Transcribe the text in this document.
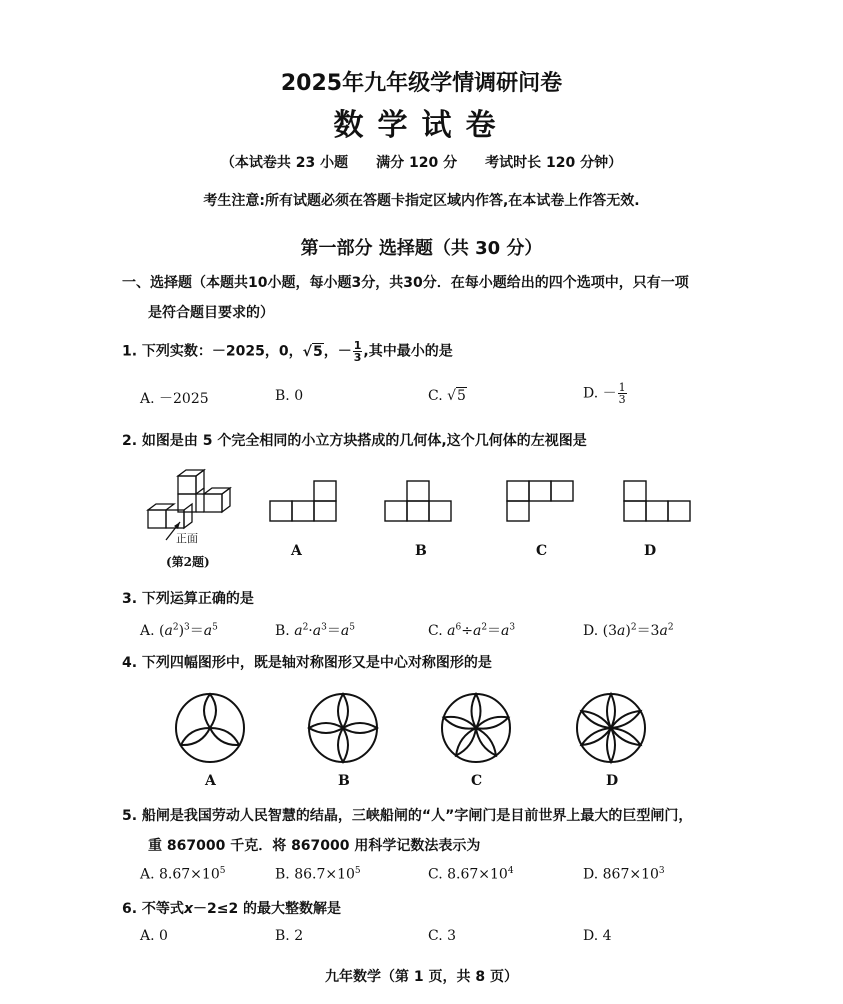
2025年九年级学情调研问卷
数学试卷
（本试卷共 23 小题　　满分 120 分　　考试时长 120 分钟）
考生注意:所有试题必须在答题卡指定区域内作答,在本试卷上作答无效.
第一部分 选择题（共 30 分）
一、选择题（本题共10小题，每小题3分，共30分．在每小题给出的四个选项中，只有一项
是符合题目要求的）
1. 下列实数：－2025，0，√5，－ $\frac{1}{3}$ ,其中最小的是
A. －2025	B. 0	C. √5	D. － $\frac{1}{3}$
2. 如图是由 5 个完全相同的小立方块搭成的几何体,这个几何体的左视图是
正面
(第2题)
A	B	C	D
3. 下列运算正确的是
A. $(a^2)^3=a^5$	B. $a^2\cdot a^3=a^5$	C. $a^6\div a^2=a^3$	D. $(3a)^2=3a^2$
4. 下列四幅图形中，既是轴对称图形又是中心对称图形的是
A	B	C	D
5. 船闸是我国劳动人民智慧的结晶，三峡船闸的“人”字闸门是目前世界上最大的巨型闸门，
重 867000 千克．将 867000 用科学记数法表示为
A. $8.67\times 10^5$	B. $86.7\times 10^5$	C. $8.67\times 10^4$	D. $867\times 10^3$
6. 不等式x－2≤2 的最大整数解是
A. 0	B. 2	C. 3	D. 4
九年数学（第 1 页，共 8 页）
